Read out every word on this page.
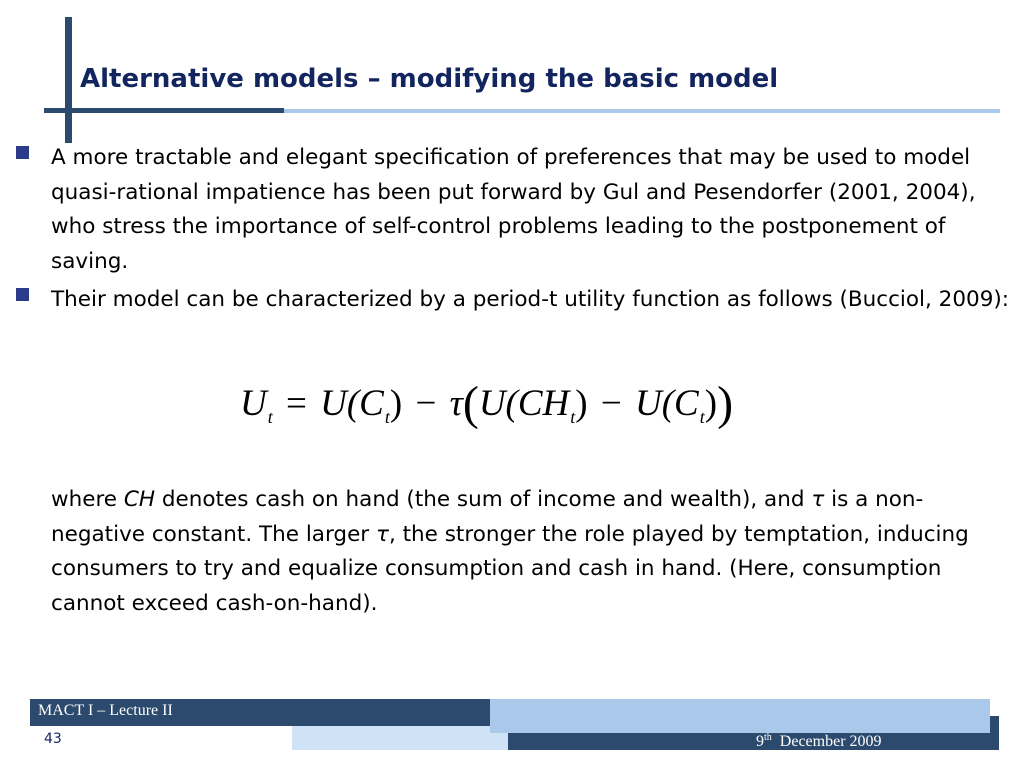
Alternative models – modifying the basic model

A more tractable and elegant specification of preferences that may be used to model quasi-rational impatience has been put forward by Gul and Pesendorfer (2001, 2004), who stress the importance of self-control problems leading to the postponement of saving.

Their model can be characterized by a period-t utility function as follows (Bucciol, 2009):

$U_t = U(C_t) - \tau(U(CH_t) - U(C_t))$

where CH denotes cash on hand (the sum of income and wealth), and τ is a non-negative constant. The larger τ, the stronger the role played by temptation, inducing consumers to try and equalize consumption and cash in hand. (Here, consumption cannot exceed cash-on-hand).

MACT I – Lecture II
43	9th December 2009
